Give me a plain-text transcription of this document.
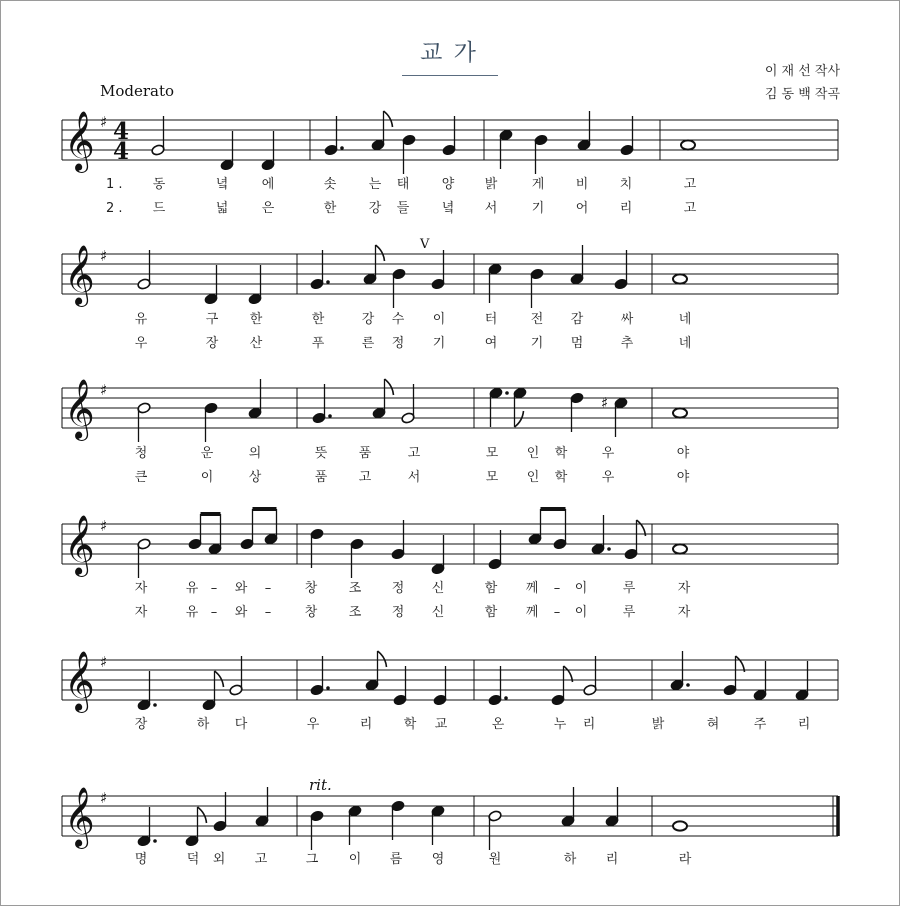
교 가
이 재 선 작사
김 동 백 작곡
Moderato
𝄞 ♯ 4
4
𝄞 ♯
𝄞 ♯
♯
𝄞 ♯
𝄞 ♯
𝄞 ♯
V
rit.
1 .
2 .
동	녘	에	솟 는 태 양 밝	게 비 치	고
드	넓	은	한 강 들 녘 서	기 어 리	고
유	구 한	한	강 수 이	터	전 감	싸	네
우	장 산	푸	른 정 기	여	기 멈	추	네
청	운	의	뜻 품	고	모 인 학	우	야
큰	이	상	품 고	서	모 인 학	우	야
자	유 – 와 –	창 조 정 신	함 께 – 이	루	자
자	유 – 와 –	창 조 정 신	함 께 – 이	루	자
장	하 다	우	리 학 교	온	누 리	밝	혀	주 리
명	덕 외 고	그 이 름 영	원	하 리	라
